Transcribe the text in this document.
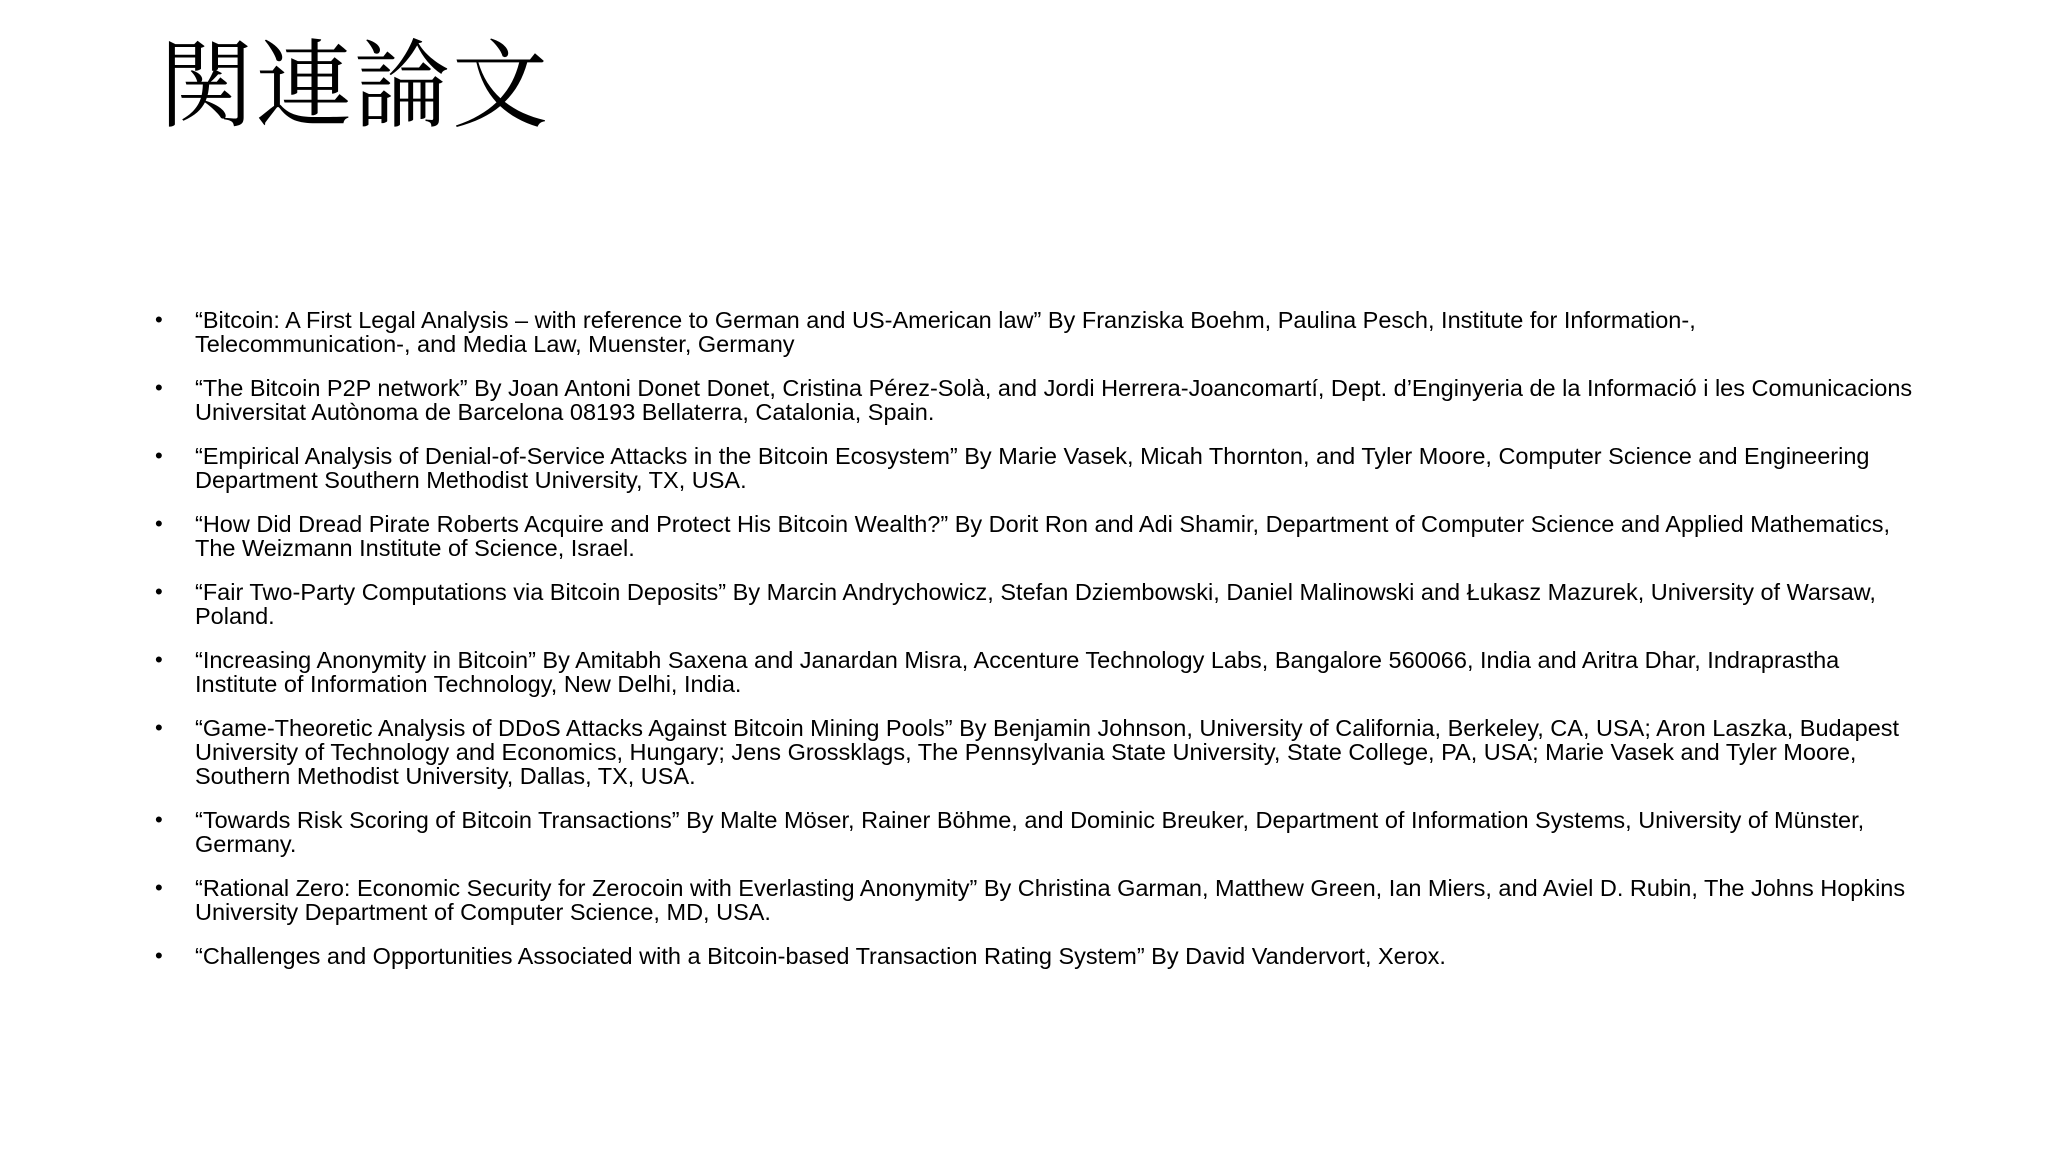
関連論文
• “Bitcoin: A First Legal Analysis – with reference to German and US-American law” By Franziska Boehm, Paulina Pesch, Institute for Information-, Telecommunication-, and Media Law, Muenster, Germany
• “The Bitcoin P2P network” By Joan Antoni Donet Donet, Cristina Pérez-Solà, and Jordi Herrera-Joancomartí, Dept. d’Enginyeria de la Informació i les Comunicacions Universitat Autònoma de Barcelona 08193 Bellaterra, Catalonia, Spain.
• “Empirical Analysis of Denial-of-Service Attacks in the Bitcoin Ecosystem” By Marie Vasek, Micah Thornton, and Tyler Moore, Computer Science and Engineering Department Southern Methodist University, TX, USA.
• “How Did Dread Pirate Roberts Acquire and Protect His Bitcoin Wealth?” By Dorit Ron and Adi Shamir, Department of Computer Science and Applied Mathematics, The Weizmann Institute of Science, Israel.
• “Fair Two-Party Computations via Bitcoin Deposits” By Marcin Andrychowicz, Stefan Dziembowski, Daniel Malinowski and Łukasz Mazurek, University of Warsaw, Poland.
• “Increasing Anonymity in Bitcoin” By Amitabh Saxena and Janardan Misra, Accenture Technology Labs, Bangalore 560066, India and Aritra Dhar, Indraprastha Institute of Information Technology, New Delhi, India.
• “Game-Theoretic Analysis of DDoS Attacks Against Bitcoin Mining Pools” By Benjamin Johnson, University of California, Berkeley, CA, USA; Aron Laszka, Budapest University of Technology and Economics, Hungary; Jens Grossklags, The Pennsylvania State University, State College, PA, USA; Marie Vasek and Tyler Moore, Southern Methodist University, Dallas, TX, USA.
• “Towards Risk Scoring of Bitcoin Transactions” By Malte Möser, Rainer Böhme, and Dominic Breuker, Department of Information Systems, University of Münster, Germany.
• “Rational Zero: Economic Security for Zerocoin with Everlasting Anonymity” By Christina Garman, Matthew Green, Ian Miers, and Aviel D. Rubin, The Johns Hopkins University Department of Computer Science, MD, USA.
• “Challenges and Opportunities Associated with a Bitcoin-based Transaction Rating System” By David Vandervort, Xerox.
